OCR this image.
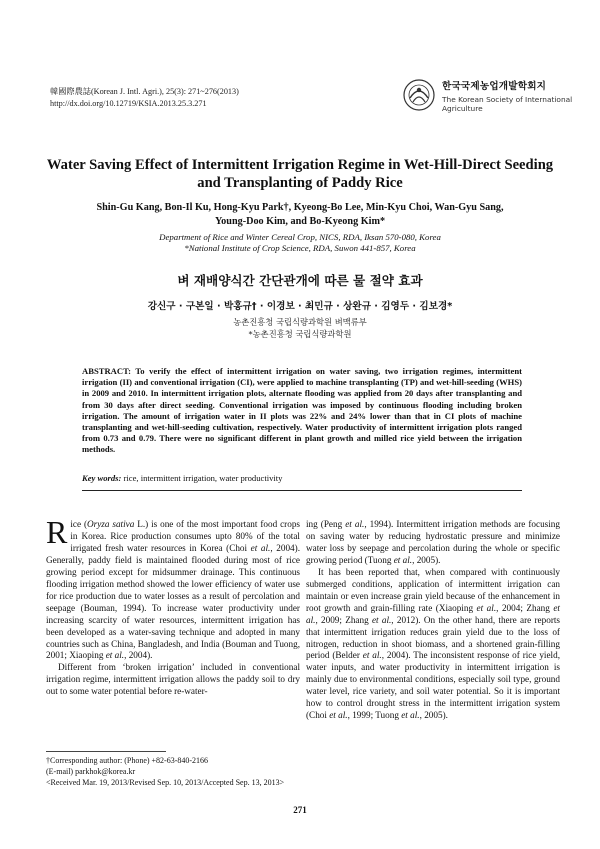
韓國際農誌(Korean J. Intl. Agri.), 25(3): 271~276(2013)
http://dx.doi.org/10.12719/KSIA.2013.25.3.271
한국국제농업개발학회지
The Korean Society of International
Agriculture
Water Saving Effect of Intermittent Irrigation Regime in Wet-Hill-Direct Seeding
and Transplanting of Paddy Rice
Shin-Gu Kang, Bon-Il Ku, Hong-Kyu Park†, Kyeong-Bo Lee, Min-Kyu Choi, Wan-Gyu Sang,
Young-Doo Kim, and Bo-Kyeong Kim*
Department of Rice and Winter Cereal Crop, NICS, RDA, Iksan 570-080, Korea
*National Institute of Crop Science, RDA, Suwon 441-857, Korea
벼 재배양식간 간단관개에 따른 물 절약 효과
강신구 · 구본일 · 박홍규† · 이경보 · 최민규 · 상완규 · 김영두 · 김보경*
농촌진흥청 국립식량과학원 벼맥류부
*농촌진흥청 국립식량과학원
ABSTRACT: To verify the effect of intermittent irrigation on water saving, two irrigation regimes, intermittent irrigation (II) and conventional irrigation (CI), were applied to machine transplanting (TP) and wet-hill-seeding (WHS) in 2009 and 2010. In intermittent irrigation plots, alternate flooding was applied from 20 days after transplanting and from 30 days after direct seeding. Conventional irrigation was imposed by continuous flooding including broken irrigation. The amount of irrigation water in II plots was 22% and 24% lower than that in CI plots of machine transplanting and wet-hill-seeding cultivation, respectively. Water productivity of intermittent irrigation plots ranged from 0.73 and 0.79. There were no significant different in plant growth and milled rice yield between the irrigation methods.
Key words: rice, intermittent irrigation, water productivity

Rice (Oryza sativa L.) is one of the most important food crops in Korea. Rice production consumes upto 80% of the total irrigated fresh water resources in Korea (Choi et al., 2004). Generally, paddy field is maintained flooded during most of rice growing period except for midsummer drainage. This continuous flooding irrigation method showed the lower efficiency of water use for rice production due to water losses as a result of percolation and seepage (Bouman, 1994). To increase water productivity under increasing scarcity of water resources, intermittent irrigation has been developed as a water-saving technique and adopted in many countries such as China, Bangladesh, and India (Bouman and Tuong, 2001; Xiaoping et al., 2004).

Different from ‘broken irrigation’ included in conventional irrigation regime, intermittent irrigation allows the paddy soil to dry out to some water potential before re-water-

ing (Peng et al., 1994). Intermittent irrigation methods are focusing on saving water by reducing hydrostatic pressure and minimize water loss by seepage and percolation during the whole or specific growing period (Tuong et al., 2005).

It has been reported that, when compared with continuously submerged conditions, application of intermittent irrigation can maintain or even increase grain yield because of the enhancement in root growth and grain-filling rate (Xiaoping et al., 2004; Zhang et al., 2009; Zhang et al., 2012). On the other hand, there are reports that intermittent irrigation reduces grain yield due to the loss of nitrogen, reduction in shoot biomass, and a shortened grain-filling period (Belder et al., 2004). The inconsistent response of rice yield, water inputs, and water productivity in intermittent irrigation is mainly due to environmental conditions, especially soil type, ground water level, rice variety, and soil water potential. So it is important how to control drought stress in the intermittent irrigation system (Choi et al., 1999; Tuong et al., 2005).

†Corresponding author: (Phone) +82-63-840-2166
(E-mail) parkhok@korea.kr
<Received Mar. 19, 2013/Revised Sep. 10, 2013/Accepted Sep. 13, 2013>
271
